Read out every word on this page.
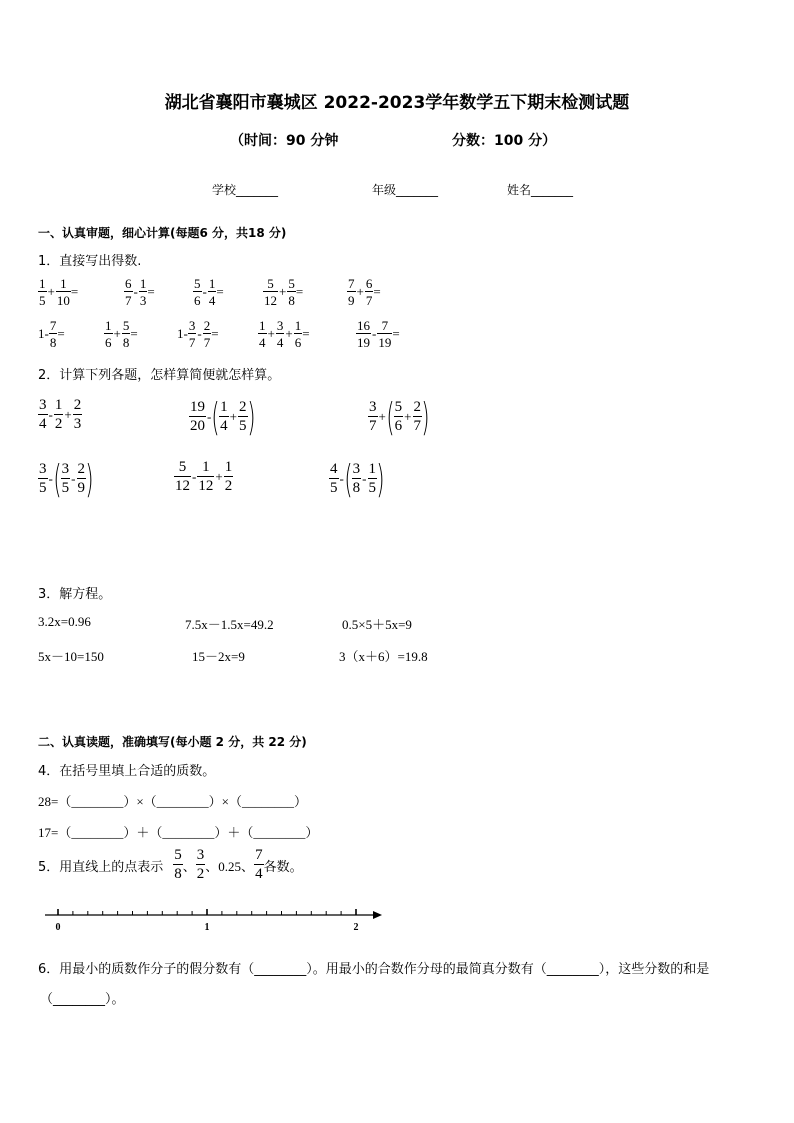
湖北省襄阳市襄城区 2022-2023学年数学五下期末检测试题
（时间：90 分钟	分数：100 分）
学校_______	年级_______	姓名_______
一、认真审题，细心计算(每题6 分，共18 分)
1．直接写出得数.
$\frac{1}{5} + \frac{1}{10}$ =	$\frac{6}{7} - \frac{1}{3}$ =	$\frac{5}{6} - \frac{1}{4}$ =	$\frac{5}{12} + \frac{5}{8}$ =	$\frac{7}{9} + \frac{6}{7}$ =
$1- \frac{7}{8}$ =	$\frac{1}{6} + \frac{5}{8}$ =	$1- \frac{3}{7} - \frac{2}{7}$ =	$\frac{1}{4} + \frac{3}{4} + \frac{1}{6}$ =	$\frac{16}{19} - \frac{7}{19}$ =
2．计算下列各题，怎样算简便就怎样算。
$\frac{3}{4} - \frac{1}{2} + \frac{2}{3}$	$\frac{19}{20}$ - ( $\frac{1}{4} + \frac{2}{5}$ )	$\frac{3}{7}$ + ( $\frac{5}{6} + \frac{2}{7}$ )
$\frac{3}{5}$ - ( $\frac{3}{5} - \frac{2}{9}$ )	$\frac{5}{12} - \frac{1}{12} + \frac{1}{2}$	$\frac{4}{5}$ - ( $\frac{3}{8} - \frac{1}{5}$ )
3．解方程。
3.2x=0.96	7.5x－1.5x=49.2	0.5×5＋5x=9
5x－10=150	15－2x=9	3（x＋6）=19.8
二、认真读题，准确填写(每小题 2 分，共 22 分)
4．在括号里填上合适的质数。
28=（________）×（________）×（________）
17=（________）＋（________）＋（________）
5．用直线上的点表示 $\frac{5}{8}$ 、 $\frac{3}{2}$ 、0.25、 $\frac{7}{4}$ 各数。
0	1	2
6．用最小的质数作分子的假分数有（________）。用最小的合数作分母的最简真分数有（________），这些分数的和是
（________）。
